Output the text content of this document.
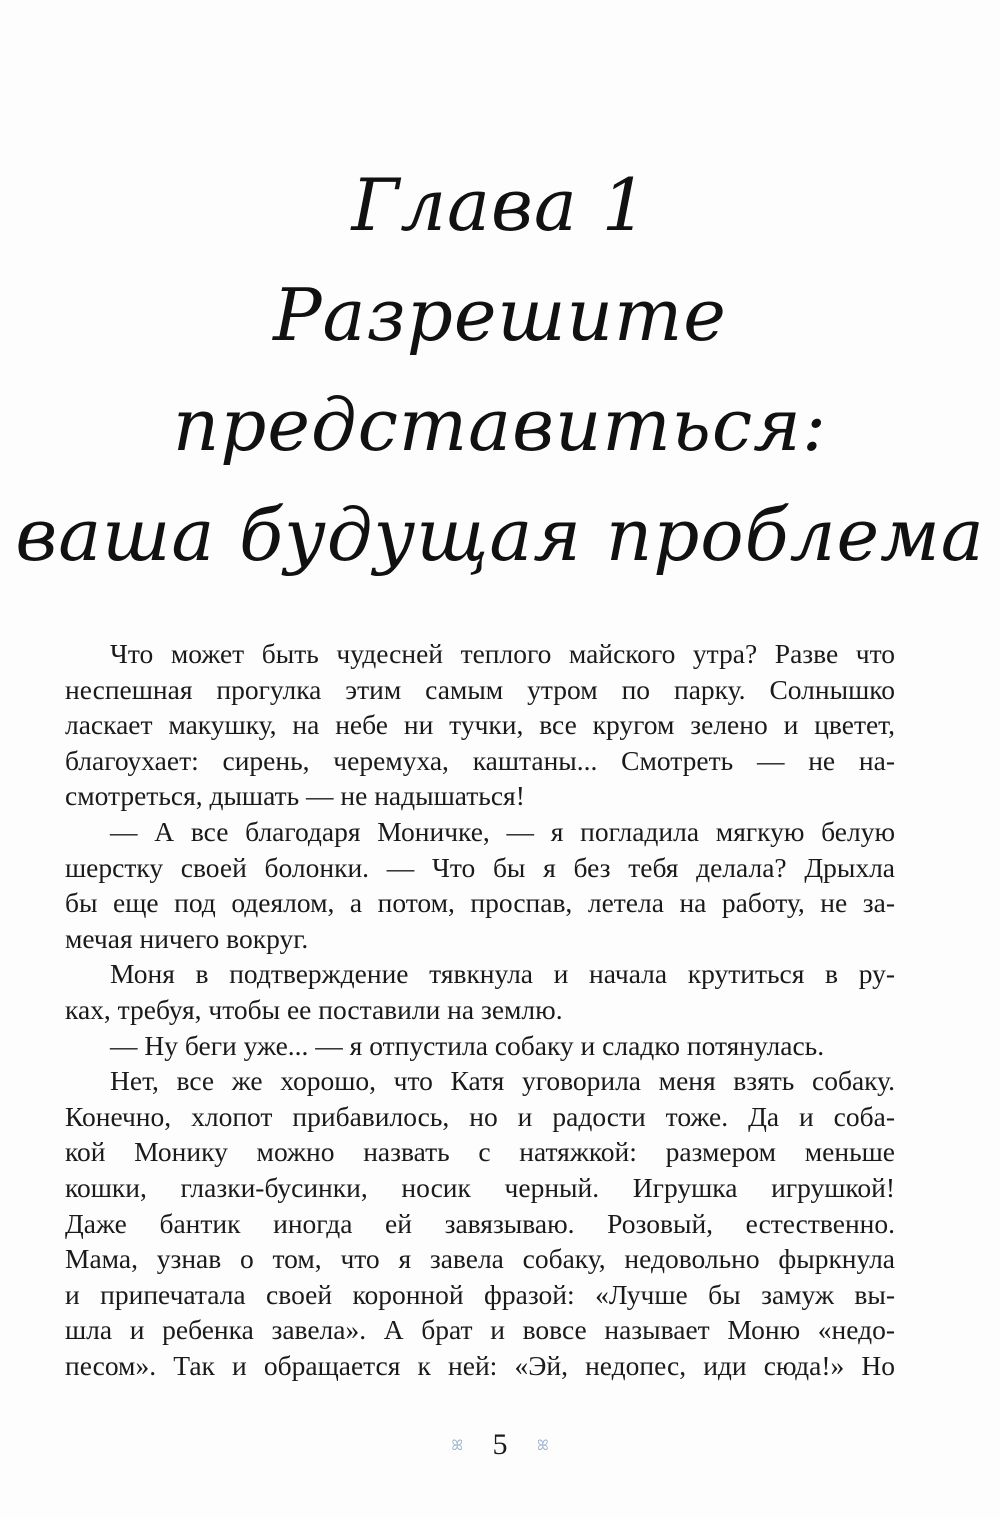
Глава 1
Разрешите
представиться:
ваша будущая проблема
Что может быть чудесней теплого майского утра? Разве что
неспешная прогулка этим самым утром по парку. Солнышко
ласкает макушку, на небе ни тучки, все кругом зелено и цветет,
благоухает: сирень, черемуха, каштаны... Смотреть — не на-
смотреться, дышать — не надышаться!
— А все благодаря Моничке, — я погладила мягкую белую
шерстку своей болонки. — Что бы я без тебя делала? Дрыхла
бы еще под одеялом, а потом, проспав, летела на работу, не за-
мечая ничего вокруг.
Моня в подтверждение тявкнула и начала крутиться в ру-
ках, требуя, чтобы ее поставили на землю.
— Ну беги уже... — я отпустила собаку и сладко потянулась.
Нет, все же хорошо, что Катя уговорила меня взять собаку.
Конечно, хлопот прибавилось, но и радости тоже. Да и соба-
кой Монику можно назвать с натяжкой: размером меньше
кошки, глазки-бусинки, носик черный. Игрушка игрушкой!
Даже бантик иногда ей завязываю. Розовый, естественно.
Мама, узнав о том, что я завела собаку, недовольно фыркнула
и припечатала своей коронной фразой: «Лучше бы замуж вы-
шла и ребенка завела». А брат и вовсе называет Моню «недо-
песом». Так и обращается к ней: «Эй, недопес, иди сюда!» Но
ꕤ 5 ꕤ
